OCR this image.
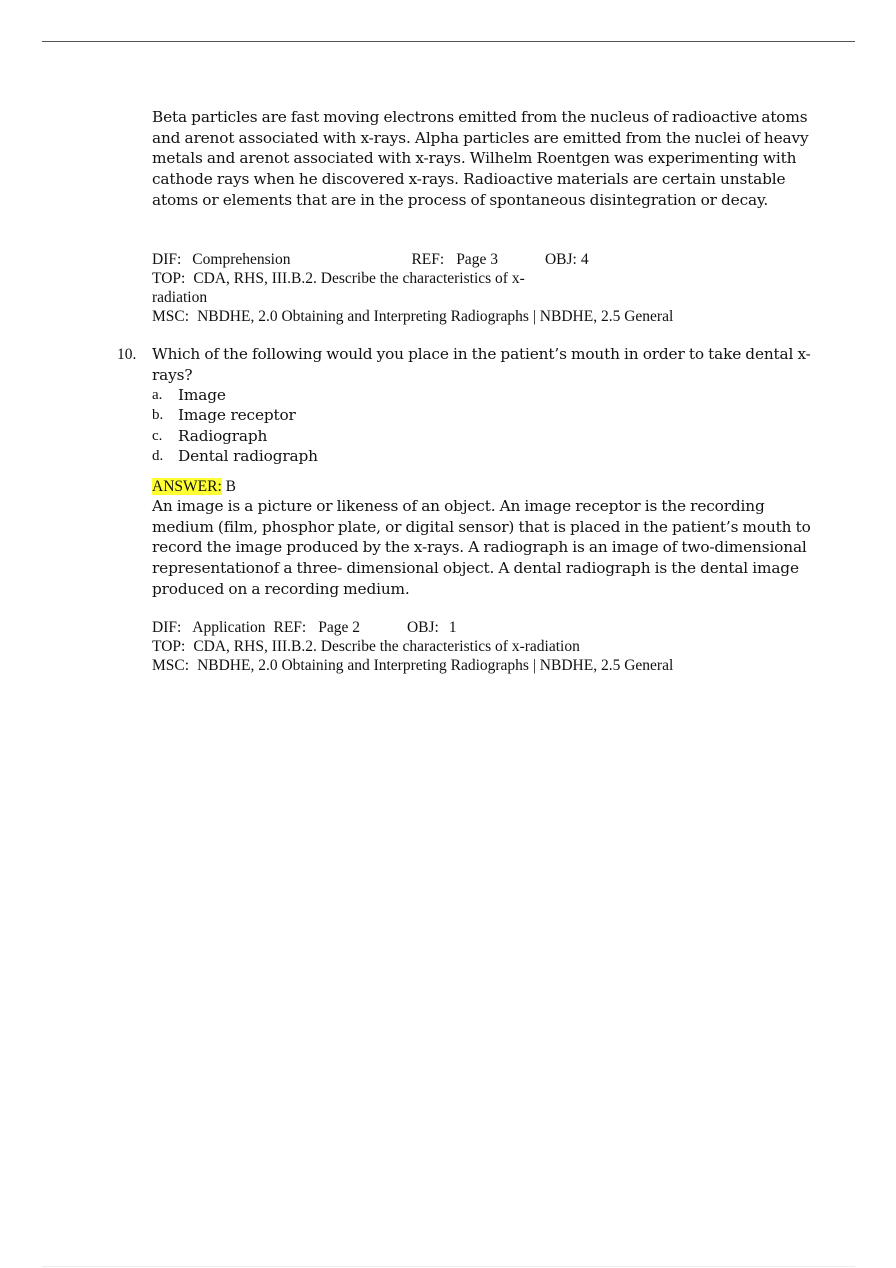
Beta particles are fast moving electrons emitted from the nucleus of radioactive atoms and arenot associated with x-rays. Alpha particles are emitted from the nuclei of heavy metals and arenot associated with x-rays. Wilhelm Roentgen was experimenting with cathode rays when he discovered x-rays. Radioactive materials are certain unstable atoms or elements that are in the process of spontaneous disintegration or decay.

DIF: Comprehension	REF: Page 3	OBJ: 4
TOP: CDA, RHS, III.B.2. Describe the characteristics of x-
radiation
MSC: NBDHE, 2.0 Obtaining and Interpreting Radiographs | NBDHE, 2.5 General
10. Which of the following would you place in the patient’s mouth in order to take dental x-rays?

a. Image
b. Image receptor
c. Radiograph
d. Dental radiograph
ANSWER: B

An image is a picture or likeness of an object. An image receptor is the recording medium (film, phosphor plate, or digital sensor) that is placed in the patient’s mouth to record the image produced by the x-rays. A radiograph is an image of two-dimensional representationof a three- dimensional object. A dental radiograph is the dental image produced on a recording medium.

DIF: Application REF: Page 2	OBJ: 1
TOP: CDA, RHS, III.B.2. Describe the characteristics of x-radiation
MSC: NBDHE, 2.0 Obtaining and Interpreting Radiographs | NBDHE, 2.5 General
